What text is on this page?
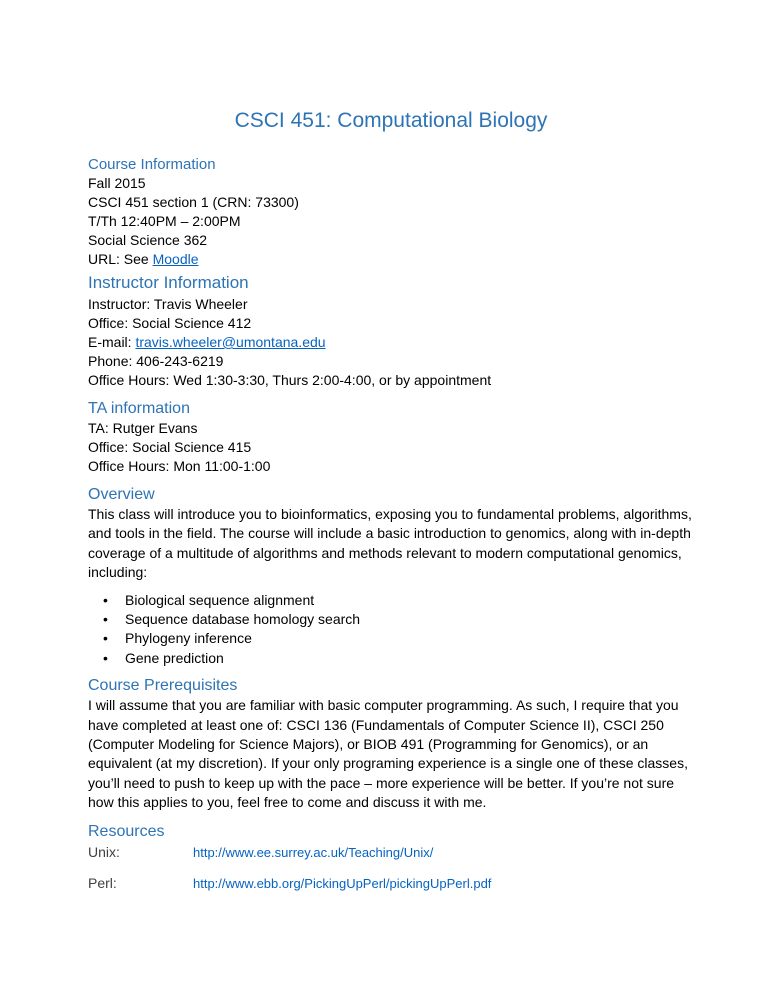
CSCI 451: Computational Biology
Course Information

Fall 2015

CSCI 451 section 1 (CRN: 73300)

T/Th 12:40PM – 2:00PM

Social Science 362

URL: See Moodle

Instructor Information

Instructor: Travis Wheeler

Office: Social Science 412

E-mail: travis.wheeler@umontana.edu

Phone: 406-243-6219

Office Hours: Wed 1:30-3:30, Thurs 2:00-4:00, or by appointment

TA information

TA: Rutger Evans

Office: Social Science 415

Office Hours: Mon 11:00-1:00

Overview

This class will introduce you to bioinformatics, exposing you to fundamental problems, algorithms, and tools in the field. The course will include a basic introduction to genomics, along with in-depth coverage of a multitude of algorithms and methods relevant to modern computational genomics, including:

• Biological sequence alignment
• Sequence database homology search
• Phylogeny inference
• Gene prediction
Course Prerequisites

I will assume that you are familiar with basic computer programming. As such, I require that you have completed at least one of: CSCI 136 (Fundamentals of Computer Science II), CSCI 250 (Computer Modeling for Science Majors), or BIOB 491 (Programming for Genomics), or an equivalent (at my discretion). If your only programing experience is a single one of these classes, you’ll need to push to keep up with the pace – more experience will be better. If you’re not sure how this applies to you, feel free to come and discuss it with me.

Resources
Unix:	http://www.ee.surrey.ac.uk/Teaching/Unix/
Perl:	http://www.ebb.org/PickingUpPerl/pickingUpPerl.pdf
